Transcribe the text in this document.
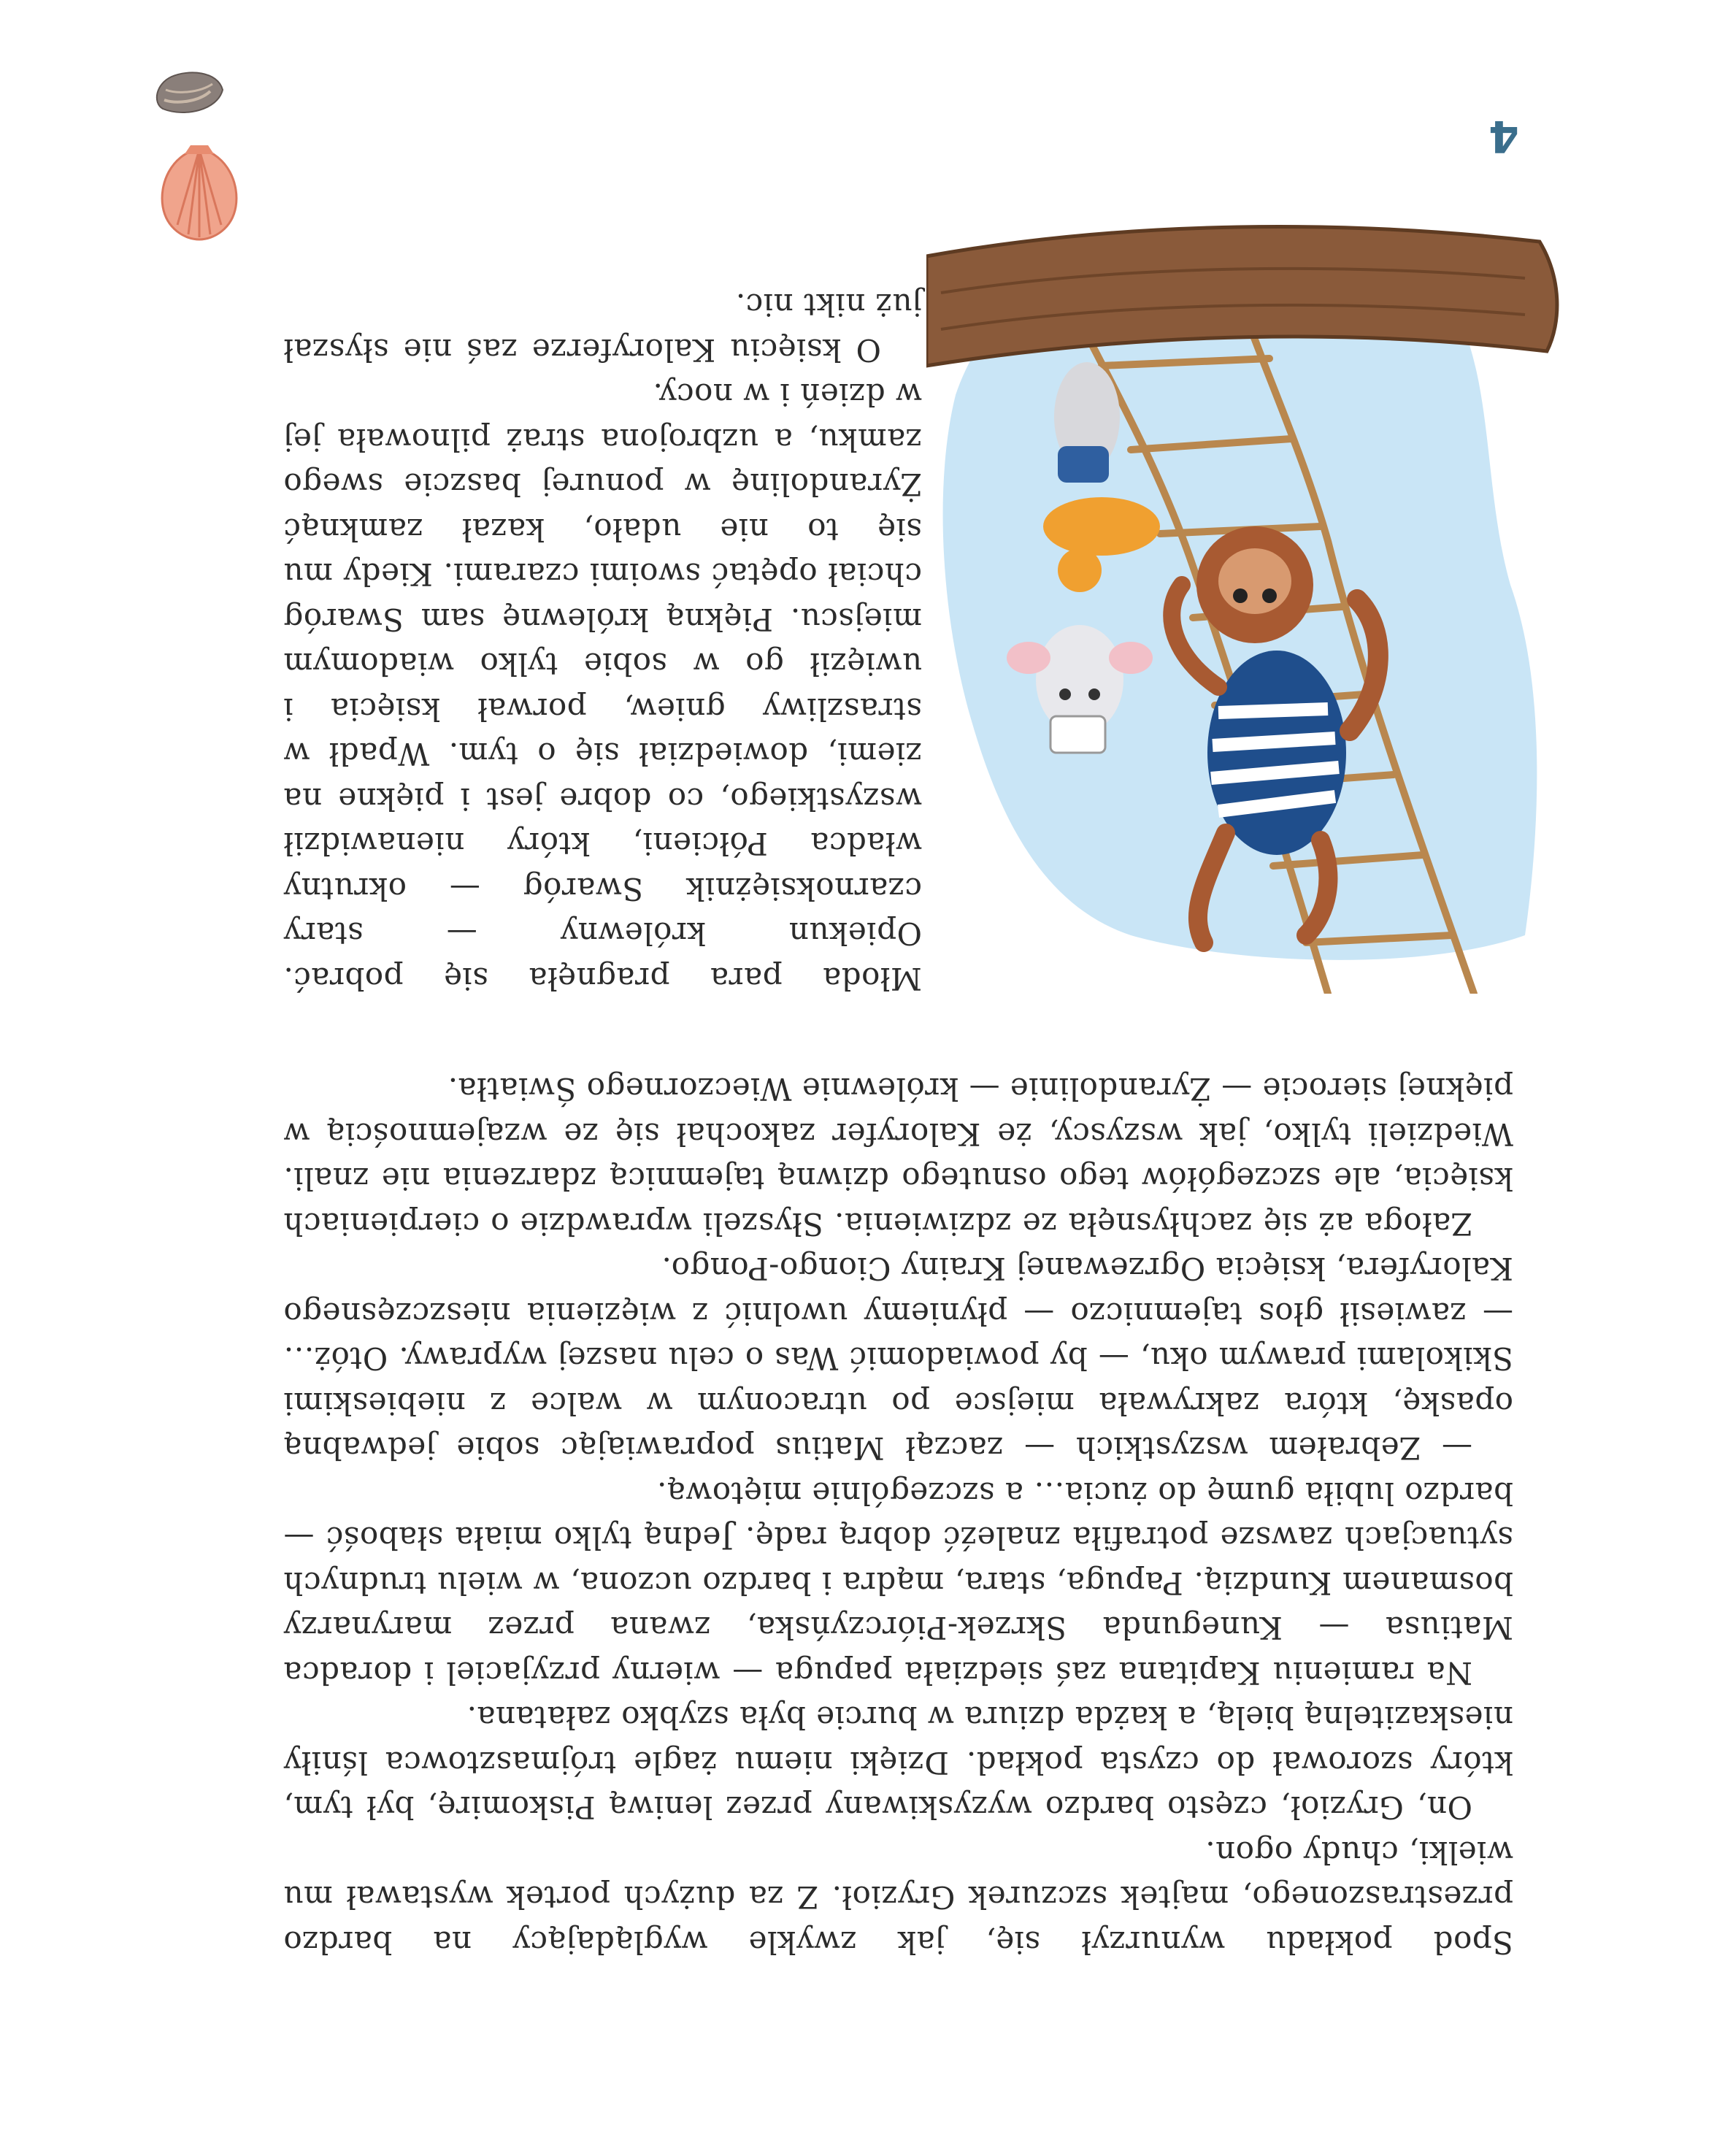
4

Młoda para pragnęła się pobrać. Opiekun królewny — stary czarnoksiężnik Swaróg — okrutny władca Półcieni, który nienawidził wszystkiego, co dobre jest i piękne na ziemi, dowiedział się o tym. Wpadł w straszliwy gniew, porwał księcia i uwięził go w sobie tylko wiadomym miejscu. Piękną królewnę sam Swaróg chciał opętać swoimi czarami. Kiedy mu się to nie udało, kazał zamknąć Żyrandolinę w ponurej baszcie swego zamku, a uzbrojona straż pilnowała jej w dzień i w nocy.

O księciu Kaloryferze zaś nie słyszał już nikt nic.

Spod pokładu wynurzył się, jak zwykle wyglądający na bardzo przestraszonego, majtek szczurek Gryzioł. Z za dużych portek wystawał mu wielki, chudy ogon.

On, Gryzioł, często bardzo wyzyskiwany przez leniwą Piskomirę, był tym, który szorował do czysta pokład. Dzięki niemu żagle trójmasztowca lśniły nieskazitelną bielą, a każda dziura w burcie była szybko załatana.

Na ramieniu Kapitana zaś siedziała papuga — wierny przyjaciel i doradca Matiusa — Kunegunda Skrzek-Piórczyńska, zwana przez marynarzy bosmanem Kundzią. Papuga, stara, mądra i bardzo uczona, w wielu trudnych sytuacjach zawsze potrafiła znaleźć dobrą radę. Jedną tylko miała słabość — bardzo lubiła gumę do żucia… a szczególnie miętową.

— Zebrałem wszystkich — zaczął Matius poprawiając sobie jedwabną opaskę, która zakrywała miejsce po utraconym w walce z niebieskimi Skikolami prawym oku, — by powiadomić Was o celu naszej wyprawy. Otóż… — zawiesił głos tajemniczo — płyniemy uwolnić z więzienia nieszczęsnego Kaloryfera, księcia Ogrzewanej Krainy Ciongo-Pongo.

Załoga aż się zachłysnęła ze zdziwienia. Słyszeli wprawdzie o cierpieniach księcia, ale szczegółów tego osnutego dziwną tajemnicą zdarzenia nie znali. Wiedzieli tylko, jak wszyscy, że Kaloryfer zakochał się ze wzajemnością w pięknej sierocie — Żyrandolinie — królewnie Wieczornego Światła.
